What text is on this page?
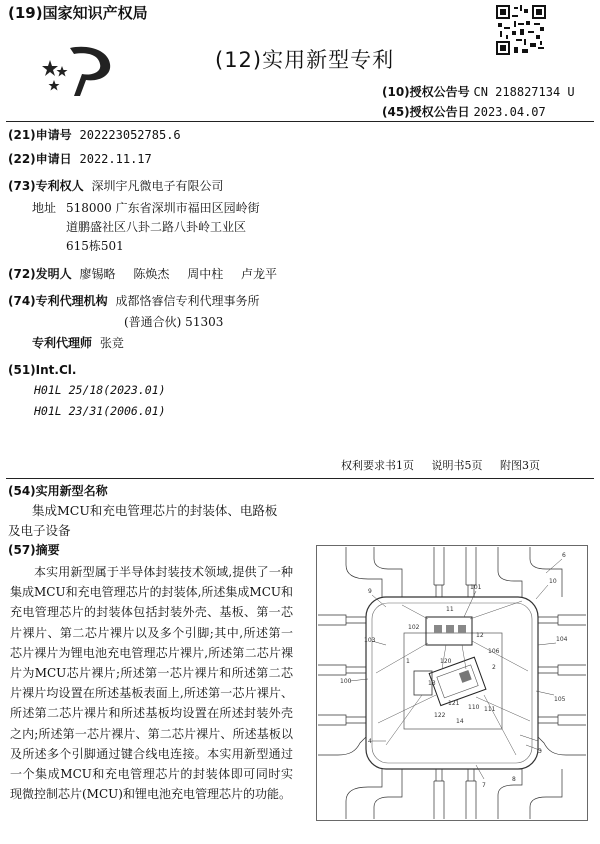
(19)国家知识产权局
(12)实用新型专利
(10)授权公告号 CN 218827134 U
(45)授权公告日 2023.04.07
(21)申请号 202223052785.6
(22)申请日 2022.11.17
(73)专利权人 深圳宇凡微电子有限公司
地址 518000 广东省深圳市福田区园岭街
道鹏盛社区八卦二路八卦岭工业区
615栋501
(72)发明人 廖锡略 陈焕杰 周中柱 卢龙平
(74)专利代理机构 成都恪睿信专利代理事务所
(普通合伙) 51303
专利代理师 张竞
(51)Int.Cl.
H01L 25/18(2023.01)
H01L 23/31(2006.01)
权利要求书1页 说明书5页 附图3页
(54)实用新型名称
集成MCU和充电管理芯片的封装体、电路板
及电子设备
(57)摘要
本实用新型属于半导体封装技术领域,提供了一种集成MCU和充电管理芯片的封装体,所述集成MCU和充电管理芯片的封装体包括封装外壳、基板、第一芯片裸片、第二芯片裸片以及多个引脚;其中,所述第一芯片裸片为锂电池充电管理芯片裸片,所述第二芯片裸片为MCU芯片裸片;所述第一芯片裸片和所述第二芯片裸片均设置在所述基板表面上,所述第一芯片裸片、所述第二芯片裸片和所述基板均设置在所述封装外壳之内;所述第一芯片裸片、第二芯片裸片、所述基板以及所述多个引脚通过键合线电连接。本实用新型通过一个集成MCU和充电管理芯片的封装体即可同时实现微控制芯片(MCU)和锂电池充电管理芯片的功能。
6
10
101
11
103
9
102
104
12
106
100
1
2
105
4
3
7
13
120
121
110 111
122
14
8
